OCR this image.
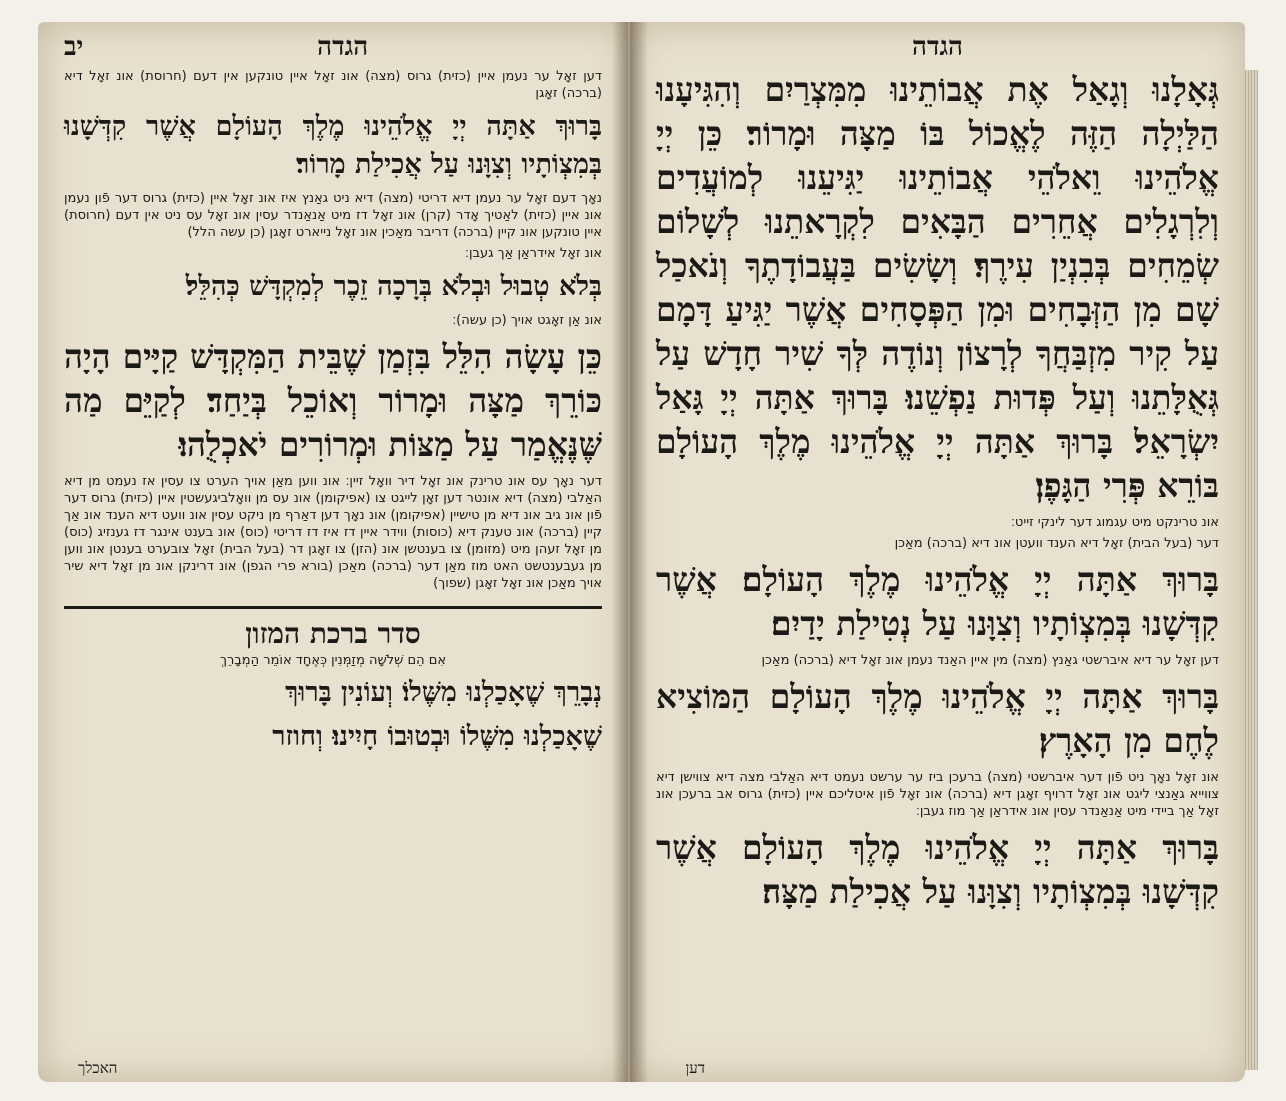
הגדה
יב
דען זאָל ער נעמן איין (כזית) גרוס (מצה) אונ זאָל איין טונקען אין דעם (חרוסת) אונ זאָל דיא (ברכה) זאָגן
בָּרוּךְ אַתָּה יְיָ אֱלֹהֵינוּ מֶלֶךְ הָעוֹלָם אֲשֶׁר קִדְּשָׁנוּ בְּמִצְוֹתָיו וְצִוָּנוּ עַל אֲכִילַת מָרוֹר׃
נאָך דעם זאָל ער נעמן דיא דריטי (מצה) דיא ניט גאַנץ איז אונ זאָל איין (כזית) גרוס דער פֿון נעמן אונ איין (כזית) לאַטיך אָדר (קרן) אונ זאָל דז מיט אַנאַנדר עסין אונ זאָל עס ניט אין דעם (חרוסת) איין טונקען אונ קיין (ברכה) דריבר מאַכין אונ זאָל נייארט זאָגן (כן עשה הלל)
אונ זאָל אידראַן אַך געבן׃
בְּלֹא טְבוּל וּבְלֹא בְּרָכָה זֵכֶר לְמִקְדָּשׁ כְּהִלֵּל׃
אונ אַן זאָגט אויך (כן עשה)׃
כֵּן עָשָׂה הִלֵּל בִּזְמַן שֶׁבֵּית הַמִּקְדָּשׁ קַיָּים הָיָה כּוֹרֵךְ מַצָּה וּמָרוֹר וְאוֹכֵל בְּיַחַד׃ לְקַיֵּם מַה שֶּׁנֶּאֱמַר עַל מַצּוֹת וּמְרוֹרִים יֹאכְלֻהוּ׃
דער נאָך עס אונ טרינק אונ זאָל דיר וואָל זיין׃ אונ ווען מאַן אויך הערט צו עסין אז נעמט מן דיא האַלבי (מצה) דיא אונטר דען זאָן לייגט צו (אפיקומן) אונ עס מן וואָלביגעשטין איין (כזית) גרוס דער פֿון אונ גיב אונ דיא מן טישיין (אפיקומן) אונ נאָך דען דאַרף מן ניקט עסין אונ וועט דיא הענד אונ אַך קיין (ברכה) אונ טענק דיא (כוסות) ווידר איין דז איז דז דריטי (כוס) אונ בענט אינגר דז גענזיג (כוס) מן זאָל זעהן מיט (מזומן) צו בענטשן אונ (הזן) צו זאָגן דר (בעל הבית) זאָל צובערט בענטן אונ ווען מן געבענטשט האט מוז מאַן דער (ברכה) מאַכן (בורא פרי הגפן) אונ דרינקן אונ מן זאָל דיא שיר אויך מאַכן אונ זאָל זאָגן (שפוך)
סדר ברכת המזון
אִם הֵם שְׁלֹשָׁה מְזַמְּנִין כְּאֶחָד אוֹמֵר הַמְבָרֵךְ
נְבָרֵךְ שֶׁאָכַלְנוּ מִשֶּׁלוֹ׃ וְעוֹנִין בָּרוּךְ
שֶׁאָכַלְנוּ מִשֶּׁלוֹ וּבְטוּבוֹ חָיִינוּ׃ וְחוזר
האכלך
הגדה
גְּאָלָנוּ וְגָאַל אֶת אֲבוֹתֵינוּ מִמִּצְרַיִם וְהִגִּיעָנוּ הַלַּיְלָה הַזֶּה לֶאֱכוֹל בּוֹ מַצָּה וּמָרוֹר׃ כֵּן יְיָ אֱלֹהֵינוּ וֵאלֹהֵי אֲבוֹתֵינוּ יַגִּיעֵנוּ לְמוֹעֲדִים וְלִרְגָלִים אֲחֵרִים הַבָּאִים לִקְרָאתֵנוּ לְשָׁלוֹם שְׂמֵחִים בְּבִנְיַן עִירֶךָ׃ וְשָׂשִׂים בַּעֲבוֹדָתֶךָ וְנֹאכַל שָׁם מִן הַזְּבָחִים וּמִן הַפְּסָחִים אֲשֶׁר יַגִּיעַ דָּמָם עַל קִיר מִזְבַּחֲךָ לְרָצוֹן וְנוֹדֶה לְּךָ שִׁיר חָדָשׁ עַל גְּאֻלָּתֵנוּ וְעַל פְּדוּת נַפְשֵׁנוּ׃ בָּרוּךְ אַתָּה יְיָ גָּאַל יִשְׂרָאֵל׃ בָּרוּךְ אַתָּה יְיָ אֱלֹהֵינוּ מֶלֶךְ הָעוֹלָם בּוֹרֵא פְּרִי הַגָּפֶן׃
אונ טרינקט מיט עגמוג דער לינקי זייט׃
דער (בעל הבית) זאָל דיא הענד וועטן אונ דיא (ברכה) מאַכן
בָּרוּךְ אַתָּה יְיָ אֱלֹהֵינוּ מֶלֶךְ הָעוֹלָם׃ אֲשֶׁר קִדְּשָׁנוּ בְּמִצְוֹתָיו וְצִוָּנוּ עַל נְטִילַת יָדַיִם׃
דען זאָל ער דיא איברשטי גאַנץ (מצה) מין איין האַנד נעמן אונ זאָל דיא (ברכה) מאַכן
בָּרוּךְ אַתָּה יְיָ אֱלֹהֵינוּ מֶלֶךְ הָעוֹלָם הַמּוֹצִיא לֶחֶם מִן הָאָרֶץ׃
אונ זאָל נאָך ניט פֿון דער איברשטי (מצה) ברעכן ביז ער ערשט נעמט דיא האַלבי מצה דיא צווישן דיא צווייא גאַנצי ליגט אונ זאָל דרויף זאָגן דיא (ברכה) אונ זאָל פֿון איטליכם איין (כזית) גרוס אב ברעכן אונ זאָל אַך ביידי מיט אַנאַנדר עסין אונ אידראַן אַך מוז געבן׃
בָּרוּךְ אַתָּה יְיָ אֱלֹהֵינוּ מֶלֶךְ הָעוֹלָם אֲשֶׁר קִדְּשָׁנוּ בְּמִצְוֹתָיו וְצִוָּנוּ עַל אֲכִילַת מַצָּה׃
דען
